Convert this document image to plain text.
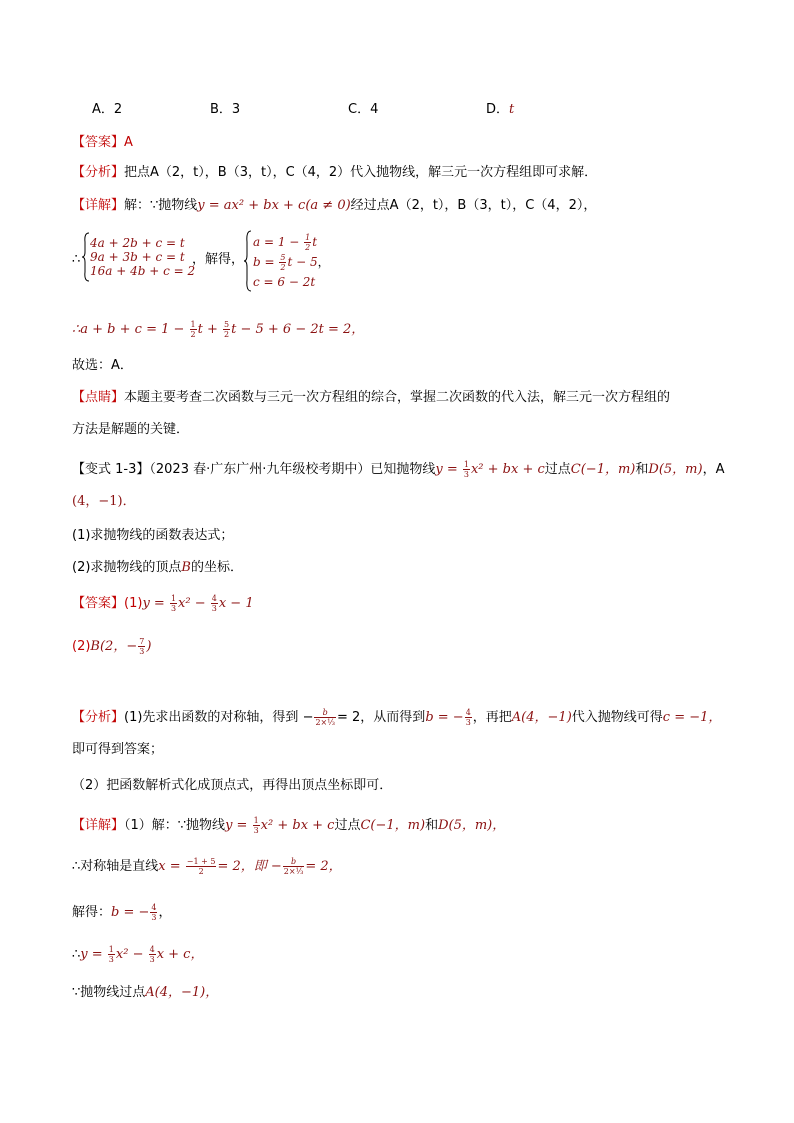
A．2	B．3	C．4	D．t
【答案】A
【分析】把点A（2，t），B（3，t），C（4，2）代入抛物线，解三元一次方程组即可求解．
【详解】解：∵抛物线y = ax² + bx + c(a ≠ 0)经过点A（2，t），B（3，t），C（4，2），
∴
4a + 2b + c = t
9a + 3b + c = t
16a + 4b + c = 2
，解得，
$a = 1 - \frac{1}{2}$ t
$b = \frac{5}{2}$ t − 5，
c = 6 − 2t
∴a + $b + c = 1 - \frac{1}{2}$ $t + \frac{5}{2}$ t − 5 + 6 − 2t = 2，
故选：A．
【点睛】本题主要考查二次函数与三元一次方程组的综合，掌握二次函数的代入法，解三元一次方程组的
方法是解题的关键．
【变式 1-3】（2023 春·广东广州·九年级校考期中）已知抛物线$y = \frac{1}{3} x^2$ + bx + c过点C(−1，m)和D(5，m)，A
(4，−1)．
(1)求抛物线的函数表达式；
(2)求抛物线的顶点B的坐标．
【答案】$(1)y = \frac{1}{3} x^2 - \frac{4}{3}$ x − 1
(2)B(2，− $\frac{7}{3}$ )
【分析】(1)先求出函数的对称轴，得到 − $\frac{b}{\text{2×⅓}} = 2$，从而得到b = − $\frac{4}{3}$ ，再把A(4，−1)代入抛物线可得c = −1，
即可得到答案；
（2）把函数解析式化成顶点式，再得出顶点坐标即可．
【详解】（1）解：∵抛物线$y = \frac{1}{3} x^2$ + bx + c过点C(−1，m)和D(5，m)，
∴对称轴是直线$x = \frac{-1 + 5}{2} = 2$，即 − $\frac{b}{\text{2×⅓}} = 2$，
解得：b = − $\frac{4}{3}$ ，
∴y = $\frac{1}{3} x^2 - \frac{4}{3}$ x + c，
∵抛物线过点A(4，−1)，
